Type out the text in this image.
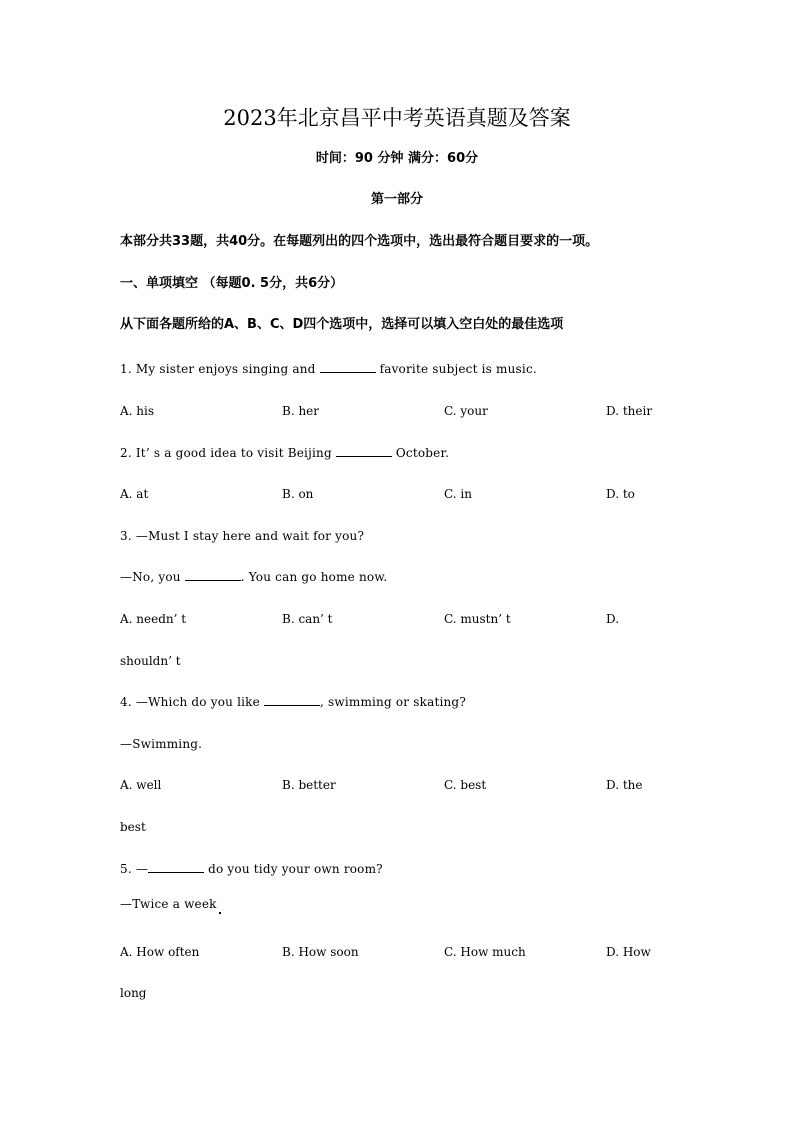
2023年北京昌平中考英语真题及答案
时间：90 分钟 满分：60分
第一部分
本部分共33题，共40分。在每题列出的四个选项中，选出最符合题目要求的一项。
一、单项填空 （每题0. 5分，共6分）
从下面各题所给的A、B、C、D四个选项中，选择可以填入空白处的最佳选项
1. My sister enjoys singing and	favorite subject is music.
A. his	B. her	C. your	D. their
2. It’ s a good idea to visit Beijing	October.
A. at	B. on	C. in	D. to
3. —Must I stay here and wait for you?
—No, you	. You can go home now.
A. needn’ t	B. can’ t	C. mustn’ t	D.
shouldn’ t
4. —Which do you like	, swimming or skating?
—Swimming.
A. well	B. better	C. best	D. the
best
5. —	do you tidy your own room?
—Twice a week
A. How often	B. How soon	C. How much	D. How
long
